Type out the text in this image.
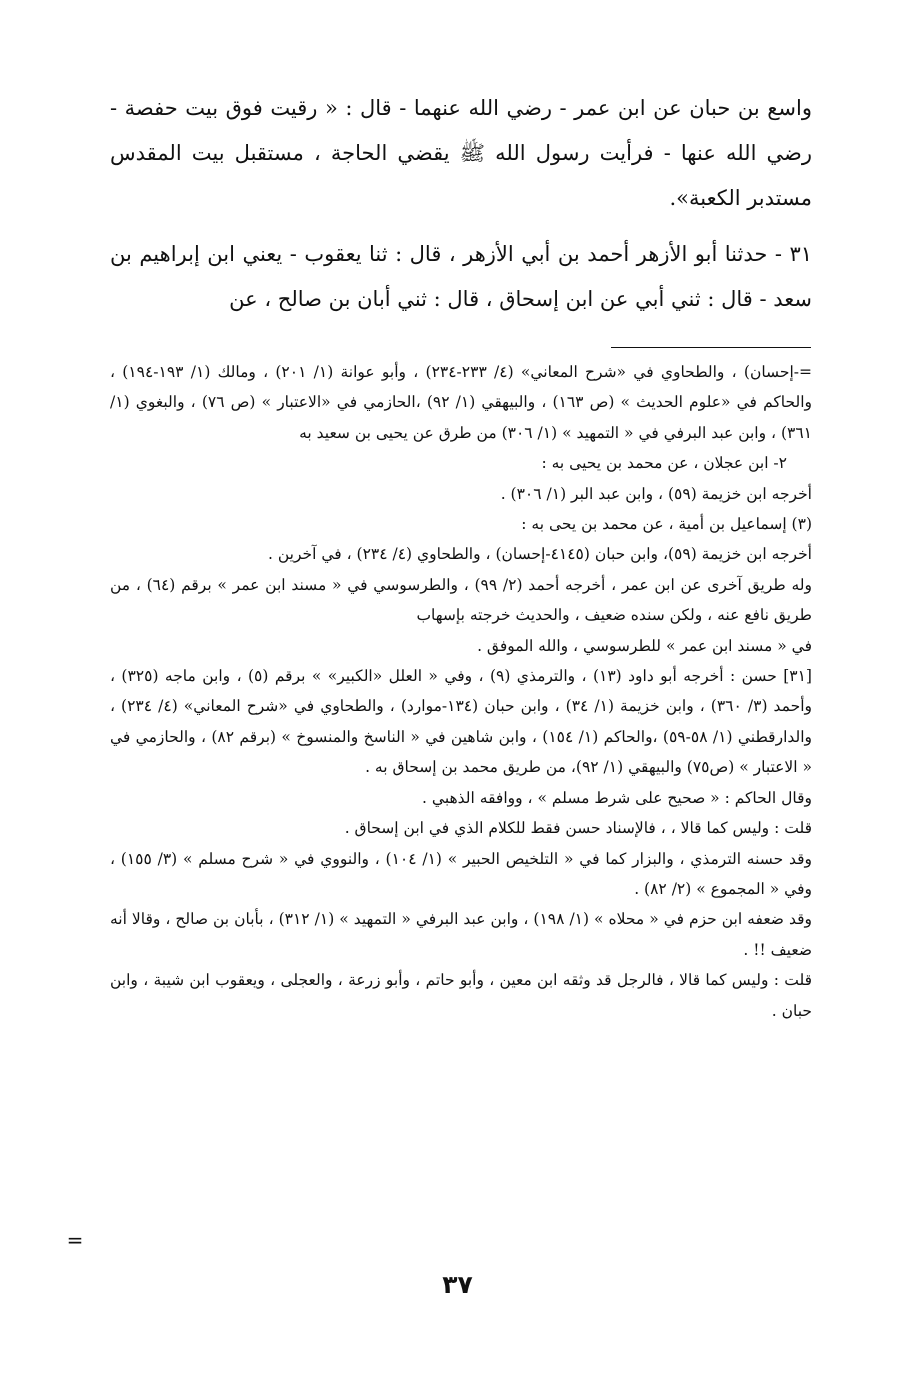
واسع بن حبان عن ابن عمر - رضي الله عنهما - قال : « رقيت فوق بيت حفصة - رضي الله عنها - فرأيت رسول الله ﷺ يقضي الحاجة ، مستقبل بيت المقدس مستدبر الكعبة».

٣١ - حدثنا أبو الأزهر أحمد بن أبي الأزهر ، قال : ثنا يعقوب - يعني ابن إبراهيم بن سعد - قال : ثني أبي عن ابن إسحاق ، قال : ثني أبان بن صالح ، عن

=-إحسان) ، والطحاوي في «شرح المعاني» (٤/ ٢٣٣-٢٣٤) ، وأبو عوانة (١/ ٢٠١) ، ومالك (١/ ١٩٣-١٩٤) ، والحاكم في «علوم الحديث » (ص ١٦٣) ، والبيهقي (١/ ٩٢) ،الحازمي في «الاعتبار » (ص ٧٦) ، والبغوي (١/ ٣٦١) ، وابن عبد البرفي في « التمهيد » (١/ ٣٠٦) من طرق عن يحيى بن سعيد به

٢- ابن عجلان ، عن محمد بن يحيى به :

أخرجه ابن خزيمة (٥٩) ، وابن عبد البر (١/ ٣٠٦) .

(٣) إسماعيل بن أمية ، عن محمد بن يحى به :

أخرجه ابن خزيمة (٥٩)، وابن حبان (٤١٤٥-إحسان) ، والطحاوي (٤/ ٢٣٤) ، في آخرين .

وله طريق آخرى عن ابن عمر ، أخرجه أحمد (٢/ ٩٩) ، والطرسوسي في « مسند ابن عمر » برقم (٦٤) ، من طريق نافع عنه ، ولكن سنده ضعيف ، والحديث خرجته بإسهاب

في « مسند ابن عمر » للطرسوسي ، والله الموفق .

[٣١] حسن : أخرجه أبو داود (١٣) ، والترمذي (٩) ، وفي « العلل «الكبير» » برقم (٥) ، وابن ماجه (٣٢٥) ، وأحمد (٣/ ٣٦٠) ، وابن خزيمة (١/ ٣٤) ، وابن حبان (١٣٤-موارد) ، والطحاوي في «شرح المعاني» (٤/ ٢٣٤) ، والدارقطني (١/ ٥٨-٥٩) ،والحاكم (١/ ١٥٤) ، وابن شاهين في « الناسخ والمنسوخ » (برقم ٨٢) ، والحازمي في « الاعتبار » (ص٧٥) والبيهقي (١/ ٩٢)، من طريق محمد بن إسحاق به .

وقال الحاكم : « صحيح على شرط مسلم » ، ووافقه الذهبي .

قلت : وليس كما قالا ، ، فالإسناد حسن فقط للكلام الذي في ابن إسحاق .

وقد حسنه الترمذي ، والبزار كما في « التلخيص الحبير » (١/ ١٠٤) ، والنووي في « شرح مسلم » (٣/ ١٥٥) ، وفي « المجموع » (٢/ ٨٢) .

وقد ضعفه ابن حزم في « محلاه » (١/ ١٩٨) ، وابن عبد البرفي « التمهيد » (١/ ٣١٢) ، بأبان بن صالح ، وقالا أنه ضعيف !! .

قلت : وليس كما قالا ، فالرجل قد وثقه ابن معين ، وأبو حاتم ، وأبو زرعة ، والعجلى ، ويعقوب ابن شيبة ، وابن حبان .

=
٣٧
